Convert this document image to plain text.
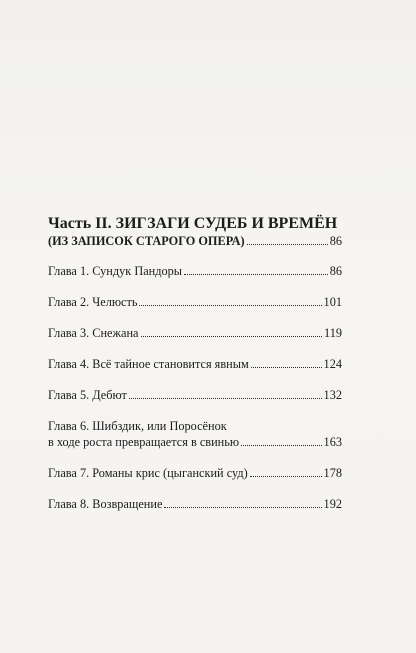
Часть II. ЗИГЗАГИ СУДЕБ И ВРЕМЁН
(ИЗ ЗАПИСОК СТАРОГО ОПЕРА)	86
Глава 1. Сундук Пандоры	86
Глава 2. Челюсть	101
Глава 3. Снежана	119
Глава 4. Всё тайное становится явным	124
Глава 5. Дебют	132
Глава 6. Шибздик, или Поросёнок
в ходе роста превращается в свинью	163
Глава 7. Романы крис (цыганский суд)	178
Глава 8. Возвращение	192
